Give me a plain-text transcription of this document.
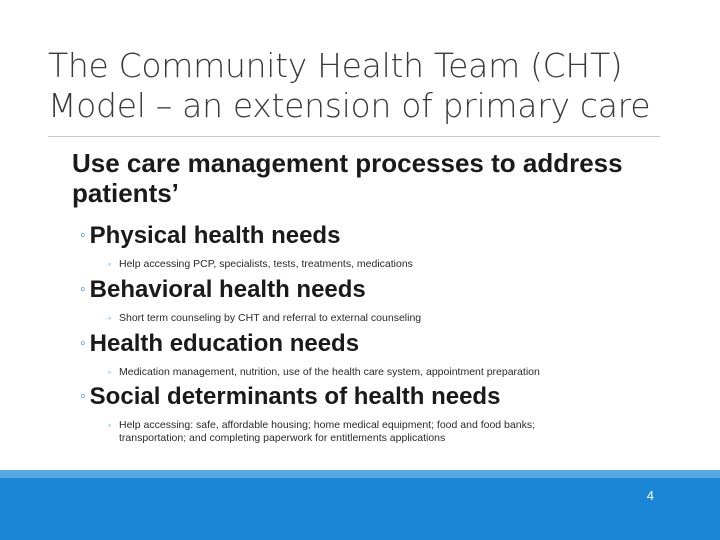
The Community Health Team (CHT)
Model – an extension of primary care
Use care management processes to address patients’
◦ Physical health needs
◦ Help accessing PCP, specialists, tests, treatments, medications
◦ Behavioral health needs
◦ Short term counseling by CHT and referral to external counseling
◦ Health education needs
◦ Medication management, nutrition, use of the health care system, appointment preparation
◦ Social determinants of health needs
◦ Help accessing: safe, affordable housing; home medical equipment; food and food banks; transportation; and completing paperwork for entitlements applications
4
